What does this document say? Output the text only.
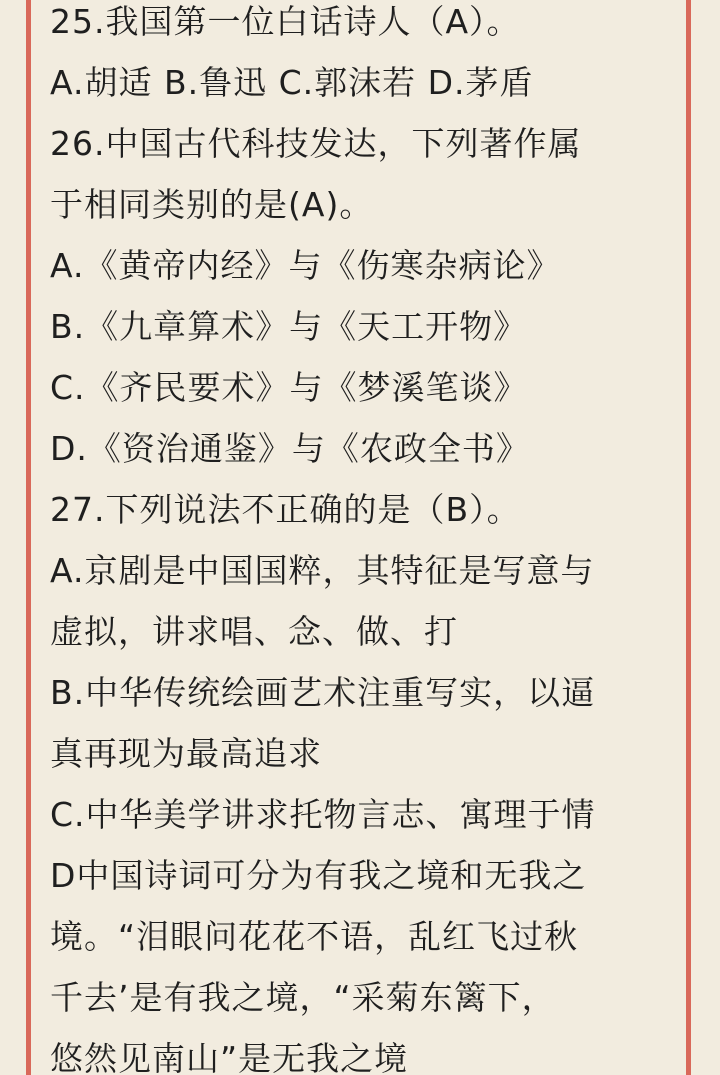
25.我国第一位白话诗人（A）。
A.胡适 B.鲁迅 C.郭沫若 D.茅盾
26.中国古代科技发达，下列著作属
于相同类别的是(A)。
A.《黄帝内经》与《伤寒杂病论》
B.《九章算术》与《天工开物》
C.《齐民要术》与《梦溪笔谈》
D.《资治通鉴》与《农政全书》
27.下列说法不正确的是（B）。
A.京剧是中国国粹，其特征是写意与
虚拟，讲求唱、念、做、打
B.中华传统绘画艺术注重写实，以逼
真再现为最高追求
C.中华美学讲求托物言志、寓理于情
D中国诗词可分为有我之境和无我之
境。“泪眼问花花不语，乱红飞过秋
千去’是有我之境，“采菊东篱下，
悠然见南山”是无我之境
